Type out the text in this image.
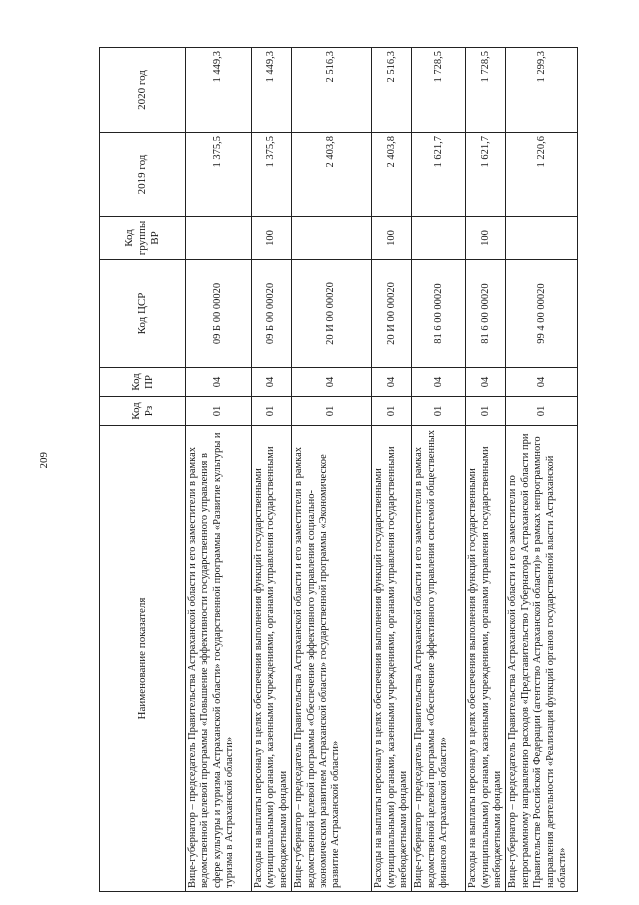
209
Наименование показателя	Код Рз	Код ПР	Код ЦСР	Код группы ВР	2019 год	2020 год
Вице-губернатор – председатель Правительства Астраханской области и его заместители в рамках ведомственной целевой программы «Повышение эффективности государственного управления в сфере культуры и туризма Астраханской области» государственной программы «Развитие культуры и туризма в Астраханской области»	01	04	09 Б 00 00020		1 375,5	1 449,3
Расходы на выплаты персоналу в целях обеспечения выполнения функций государственными (муниципальными) органами, казенными учреждениями, органами управления государственными внебюджетными фондами	01	04	09 Б 00 00020	100	1 375,5	1 449,3
Вице-губернатор – председатель Правительства Астраханской области и его заместители в рамках ведомственной целевой программы «Обеспечение эффективного управления социально-экономическим развитием Астраханской области» государственной программы «Экономическое развитие Астраханской области»	01	04	20 И 00 00020		2 403,8	2 516,3
Расходы на выплаты персоналу в целях обеспечения выполнения функций государственными (муниципальными) органами, казенными учреждениями, органами управления государственными внебюджетными фондами	01	04	20 И 00 00020	100	2 403,8	2 516,3
Вице-губернатор – председатель Правительства Астраханской области и его заместители в рамках ведомственной целевой программы «Обеспечение эффективного управления системой общественных финансов Астраханской области»	01	04	81 6 00 00020		1 621,7	1 728,5
Расходы на выплаты персоналу в целях обеспечения выполнения функций государственными (муниципальными) органами, казенными учреждениями, органами управления государственными внебюджетными фондами	01	04	81 6 00 00020	100	1 621,7	1 728,5
Вице-губернатор – председатель Правительства Астраханской области и его заместители по непрограммному направлению расходов «Представительство Губернатора Астраханской области при Правительстве Российской Федерации (агентство Астраханской области)» в рамках непрограммного направления деятельности «Реализация функций органов государственной власти Астраханской области»	01	04	99 4 00 00020		1 220,6	1 299,3
